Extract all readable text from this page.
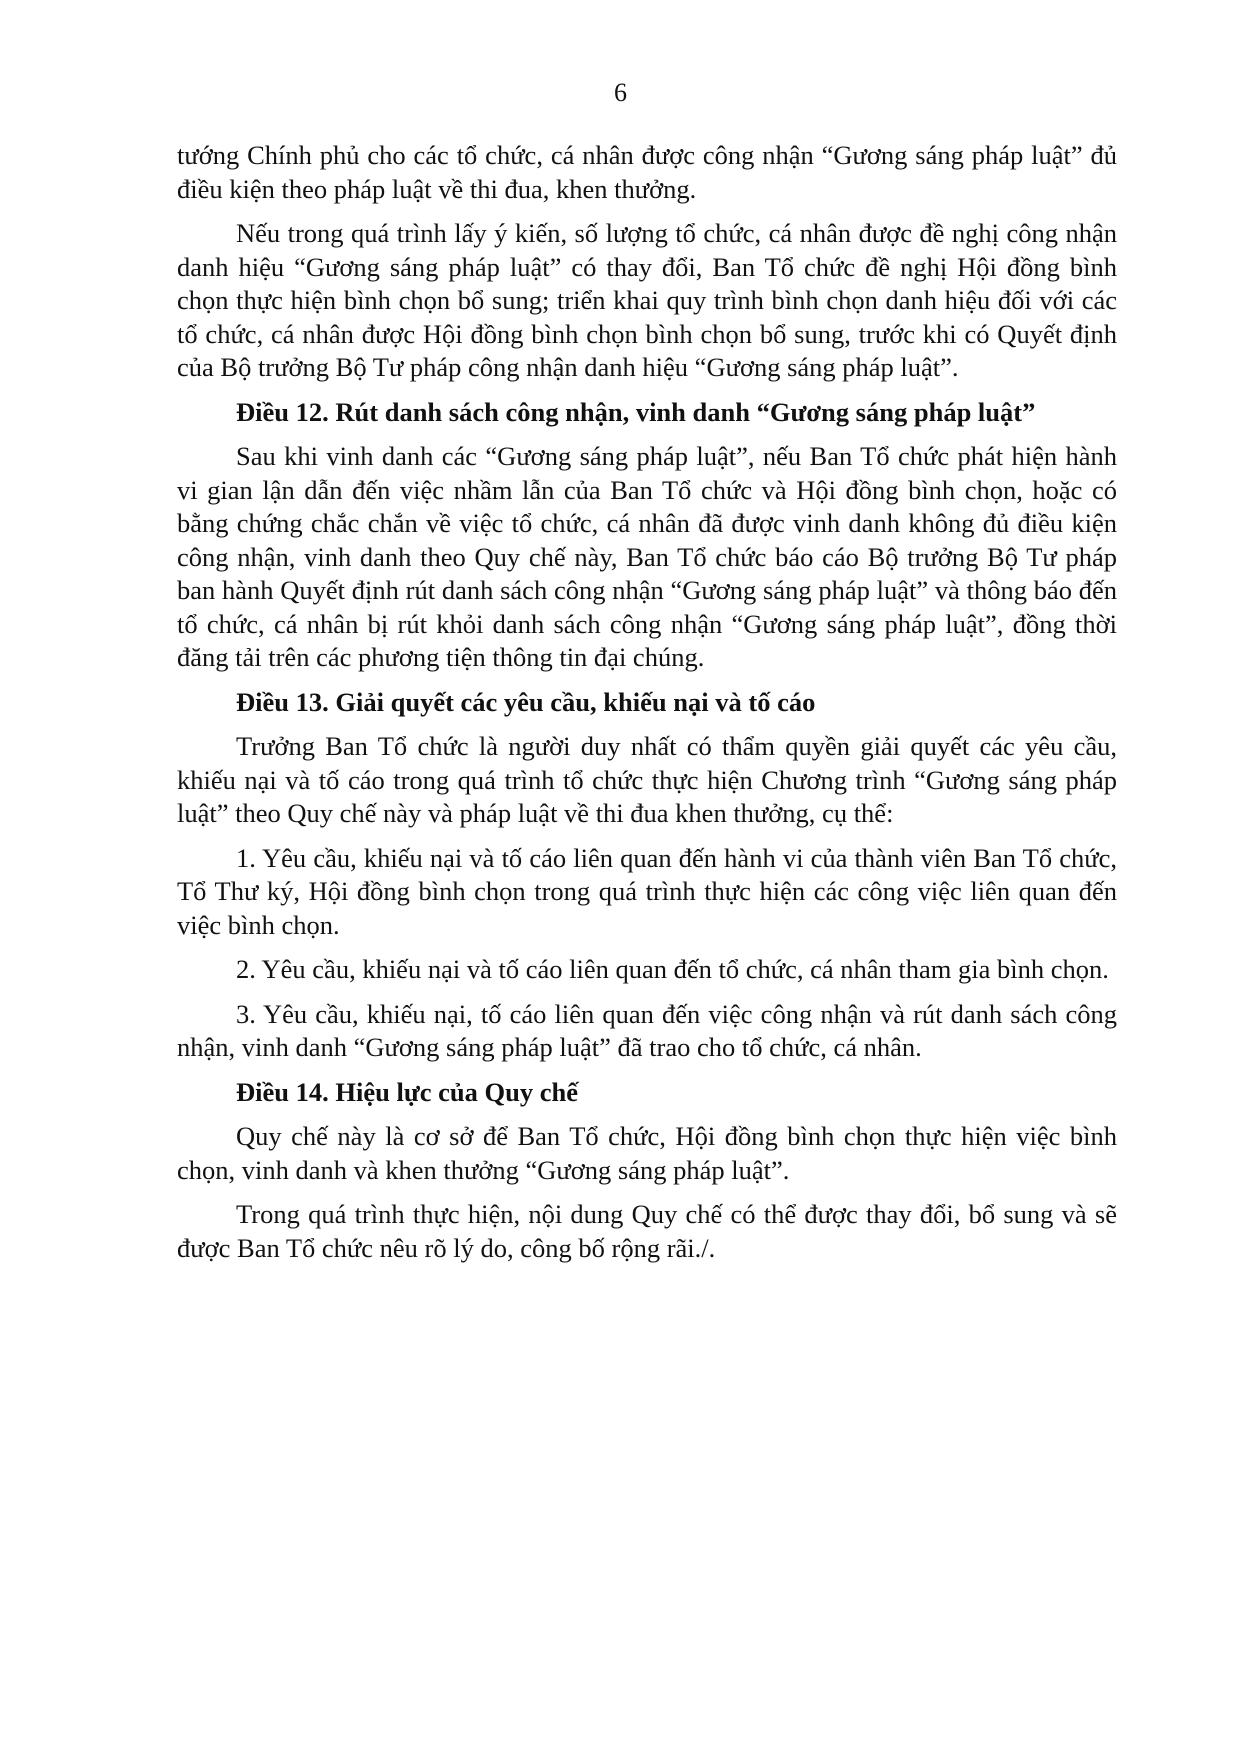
6

tướng Chính phủ cho các tổ chức, cá nhân được công nhận “Gương sáng pháp luật” đủ điều kiện theo pháp luật về thi đua, khen thưởng.

Nếu trong quá trình lấy ý kiến, số lượng tổ chức, cá nhân được đề nghị công nhận danh hiệu “Gương sáng pháp luật” có thay đổi, Ban Tổ chức đề nghị Hội đồng bình chọn thực hiện bình chọn bổ sung; triển khai quy trình bình chọn danh hiệu đối với các tổ chức, cá nhân được Hội đồng bình chọn bình chọn bổ sung, trước khi có Quyết định của Bộ trưởng Bộ Tư pháp công nhận danh hiệu “Gương sáng pháp luật”.

Điều 12. Rút danh sách công nhận, vinh danh “Gương sáng pháp luật”

Sau khi vinh danh các “Gương sáng pháp luật”, nếu Ban Tổ chức phát hiện hành vi gian lận dẫn đến việc nhầm lẫn của Ban Tổ chức và Hội đồng bình chọn, hoặc có bằng chứng chắc chắn về việc tổ chức, cá nhân đã được vinh danh không đủ điều kiện công nhận, vinh danh theo Quy chế này, Ban Tổ chức báo cáo Bộ trưởng Bộ Tư pháp ban hành Quyết định rút danh sách công nhận “Gương sáng pháp luật” và thông báo đến tổ chức, cá nhân bị rút khỏi danh sách công nhận “Gương sáng pháp luật”, đồng thời đăng tải trên các phương tiện thông tin đại chúng.

Điều 13. Giải quyết các yêu cầu, khiếu nại và tố cáo

Trưởng Ban Tổ chức là người duy nhất có thẩm quyền giải quyết các yêu cầu, khiếu nại và tố cáo trong quá trình tổ chức thực hiện Chương trình “Gương sáng pháp luật” theo Quy chế này và pháp luật về thi đua khen thưởng, cụ thể:

1. Yêu cầu, khiếu nại và tố cáo liên quan đến hành vi của thành viên Ban Tổ chức, Tổ Thư ký, Hội đồng bình chọn trong quá trình thực hiện các công việc liên quan đến việc bình chọn.

2. Yêu cầu, khiếu nại và tố cáo liên quan đến tổ chức, cá nhân tham gia bình chọn.

3. Yêu cầu, khiếu nại, tố cáo liên quan đến việc công nhận và rút danh sách công nhận, vinh danh “Gương sáng pháp luật” đã trao cho tổ chức, cá nhân.

Điều 14. Hiệu lực của Quy chế

Quy chế này là cơ sở để Ban Tổ chức, Hội đồng bình chọn thực hiện việc bình chọn, vinh danh và khen thưởng “Gương sáng pháp luật”.

Trong quá trình thực hiện, nội dung Quy chế có thể được thay đổi, bổ sung và sẽ được Ban Tổ chức nêu rõ lý do, công bố rộng rãi./.
